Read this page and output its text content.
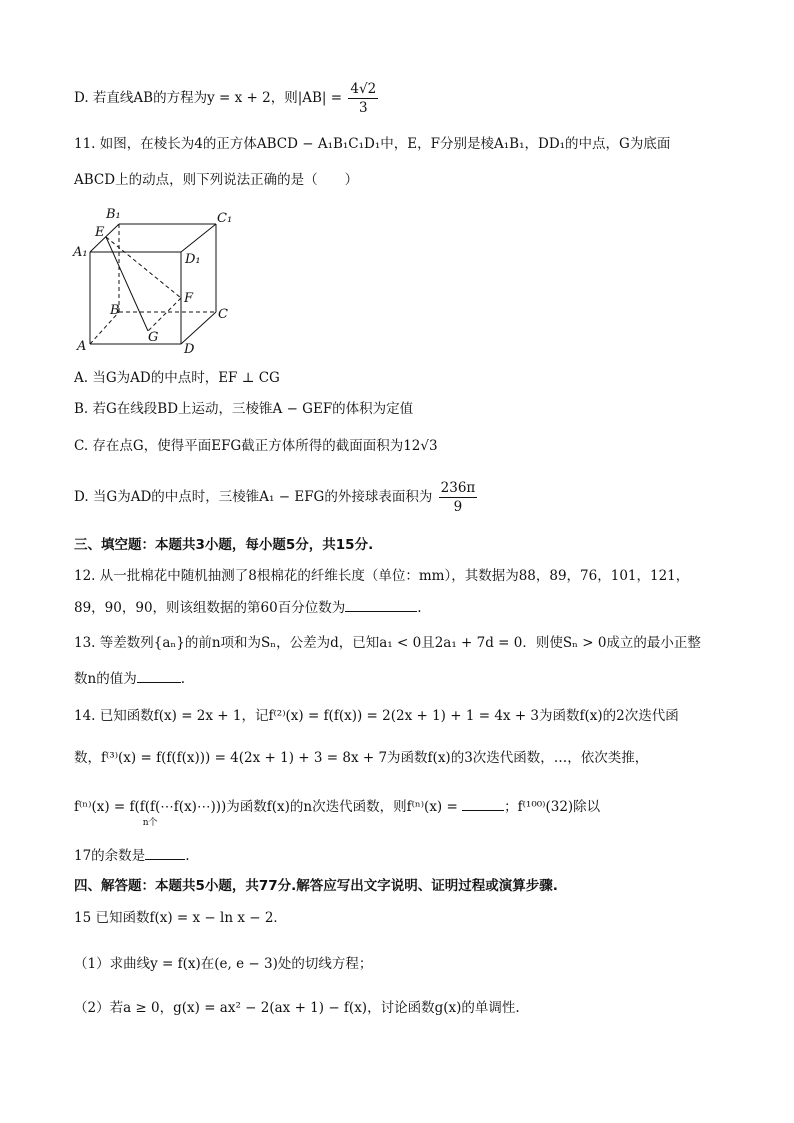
D. 若直线AB的方程为y = x + 2，则$|AB| = \frac{4√2}{3}$
11. 如图，在棱长为4的正方体ABCD − A₁B₁C₁D₁中，E，F分别是棱A₁B₁，DD₁的中点，G为底面
ABCD上的动点，则下列说法正确的是（　　）
B₁	C₁
E
A₁	D₁
F
B	C
G
A	D
A. 当G为AD的中点时，EF ⊥ CG
B. 若G在线段BD上运动，三棱锥A − GEF的体积为定值
C. 存在点G，使得平面EFG截正方体所得的截面面积为12√3
D. 当G为AD的中点时，三棱锥A₁ − EFG的外接球表面积为 $\frac{236\pi}{9}$
三、填空题：本题共3小题，每小题5分，共15分.
12. 从一批棉花中随机抽测了8根棉花的纤维长度（单位：mm），其数据为88，89，76，101，121，
89，90，90，则该组数据的第60百分位数为	.
13. 等差数列{aₙ}的前n项和为Sₙ，公差为d，已知a₁ < 0且2a₁ + 7d = 0．则使Sₙ > 0成立的最小正整
数n的值为	.
14. 已知函数f(x) = 2x + 1，记f⁽²⁾(x) = f(f(x)) = 2(2x + 1) + 1 = 4x + 3为函数f(x)的2次迭代函
数，f⁽³⁾(x) = f(f(f(x))) = 4(2x + 1) + 3 = 8x + 7为函数f(x)的3次迭代函数，…，依次类推，
f⁽ⁿ⁾(x) = f(f(f(⋯f(x)⋯)))
n个
为函数f(x)的n次迭代函数，则f⁽ⁿ⁾(x) =	；f⁽¹⁰⁰⁾(32)除以
17的余数是	.
四、解答题：本题共5小题，共77分.解答应写出文字说明、证明过程或演算步骤.
15 已知函数f(x) = x − ln x − 2．
（1）求曲线y = f(x)在(e, e − 3)处的切线方程；
（2）若a ≥ 0，g(x) = ax² − 2(ax + 1) − f(x)，讨论函数g(x)的单调性.
